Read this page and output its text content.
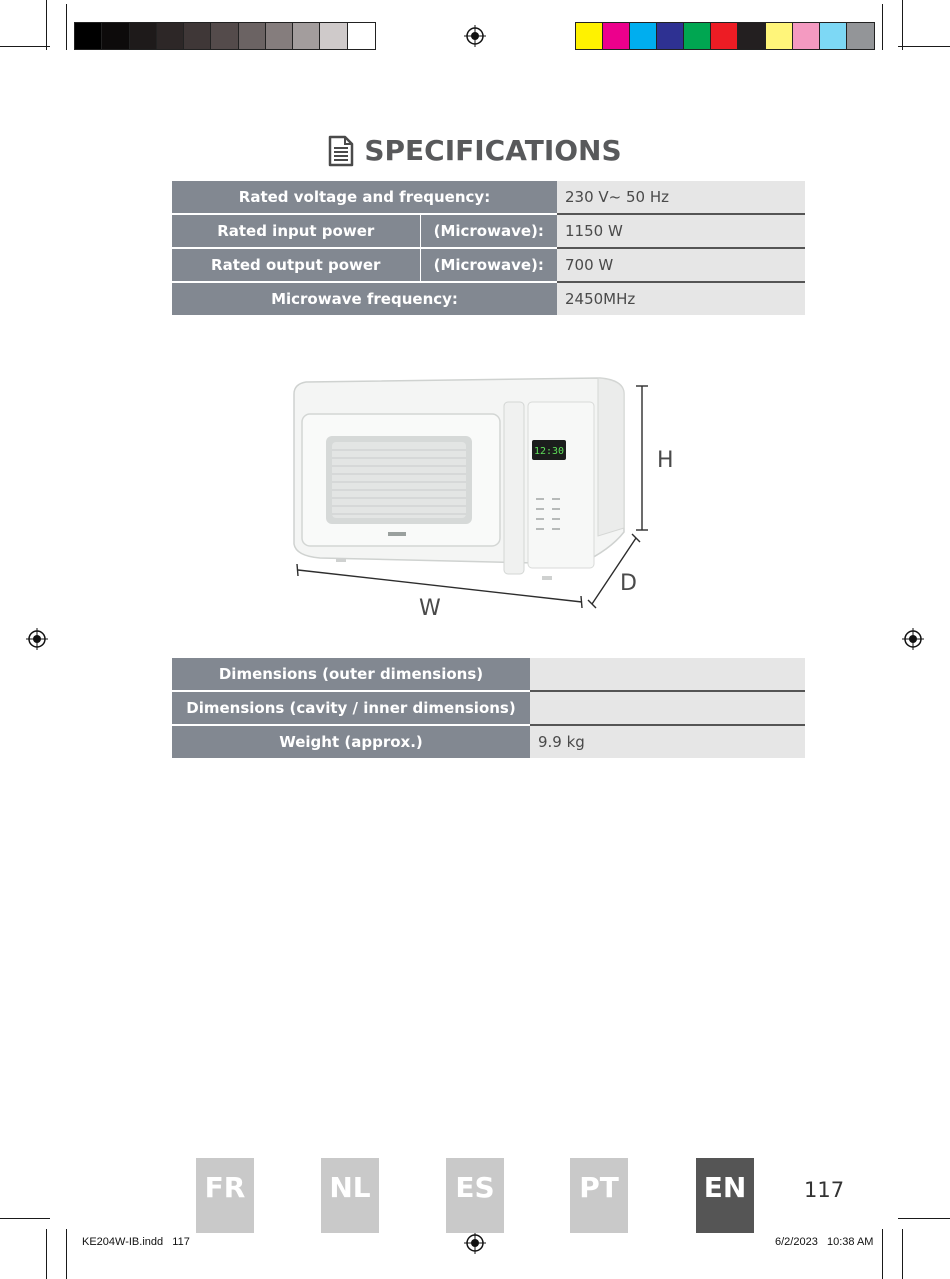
SPECIFICATIONS
Rated voltage and frequency:		230 V~ 50 Hz
Rated input power	(Microwave):	1150 W
Rated output power	(Microwave):	700 W
Microwave frequency:		2450MHz
12:30	H
W
D
Dimensions (outer dimensions)	
Dimensions (cavity / inner dimensions)	
Weight (approx.)	9.9 kg
FR	NL	ES	PT	EN	117
KE204W-IB.indd   117	6/2/2023   10:38 AM
